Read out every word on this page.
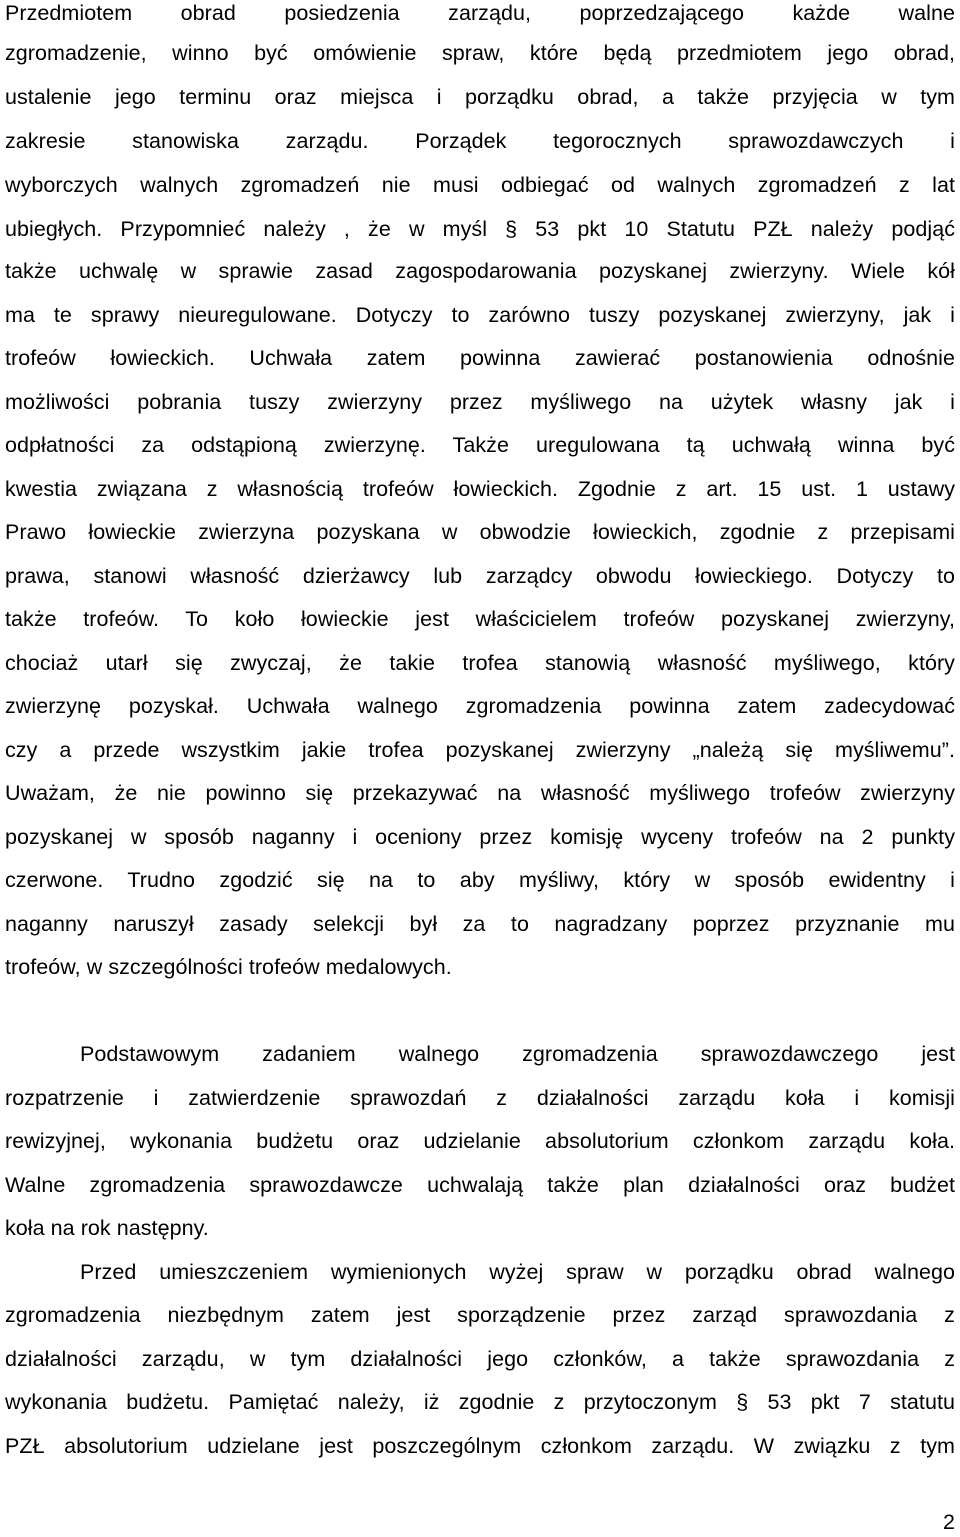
Przedmiotem obrad posiedzenia zarządu, poprzedzającego każde walne
zgromadzenie, winno być omówienie spraw, które będą przedmiotem jego obrad,
ustalenie jego terminu oraz miejsca i porządku obrad, a także przyjęcia w tym
zakresie stanowiska zarządu. Porządek tegorocznych sprawozdawczych i
wyborczych walnych zgromadzeń nie musi odbiegać od walnych zgromadzeń z lat
ubiegłych. Przypomnieć należy , że w myśl § 53 pkt 10 Statutu PZŁ należy podjąć
także uchwalę w sprawie zasad zagospodarowania pozyskanej zwierzyny. Wiele kół
ma te sprawy nieuregulowane. Dotyczy to zarówno tuszy pozyskanej zwierzyny, jak i
trofeów łowieckich. Uchwała zatem powinna zawierać postanowienia odnośnie
możliwości pobrania tuszy zwierzyny przez myśliwego na użytek własny jak i
odpłatności za odstąpioną zwierzynę. Także uregulowana tą uchwałą winna być
kwestia związana z własnością trofeów łowieckich. Zgodnie z art. 15 ust. 1 ustawy
Prawo łowieckie zwierzyna pozyskana w obwodzie łowieckich, zgodnie z przepisami
prawa, stanowi własność dzierżawcy lub zarządcy obwodu łowieckiego. Dotyczy to
także trofeów. To koło łowieckie jest właścicielem trofeów pozyskanej zwierzyny,
chociaż utarł się zwyczaj, że takie trofea stanowią własność myśliwego, który
zwierzynę pozyskał. Uchwała walnego zgromadzenia powinna zatem zadecydować
czy a przede wszystkim jakie trofea pozyskanej zwierzyny „należą się myśliwemu”.
Uważam, że nie powinno się przekazywać na własność myśliwego trofeów zwierzyny
pozyskanej w sposób naganny i oceniony przez komisję wyceny trofeów na 2 punkty
czerwone. Trudno zgodzić się na to aby myśliwy, który w sposób ewidentny i
naganny naruszył zasady selekcji był za to nagradzany poprzez przyznanie mu
trofeów, w szczególności trofeów medalowych.
Podstawowym zadaniem walnego zgromadzenia sprawozdawczego jest
rozpatrzenie i zatwierdzenie sprawozdań z działalności zarządu koła i komisji
rewizyjnej, wykonania budżetu oraz udzielanie absolutorium członkom zarządu koła.
Walne zgromadzenia sprawozdawcze uchwalają także plan działalności oraz budżet
koła na rok następny.
Przed umieszczeniem wymienionych wyżej spraw w porządku obrad walnego
zgromadzenia niezbędnym zatem jest sporządzenie przez zarząd sprawozdania z
działalności zarządu, w tym działalności jego członków, a także sprawozdania z
wykonania budżetu. Pamiętać należy, iż zgodnie z przytoczonym § 53 pkt 7 statutu
PZŁ absolutorium udzielane jest poszczególnym członkom zarządu. W związku z tym
2
